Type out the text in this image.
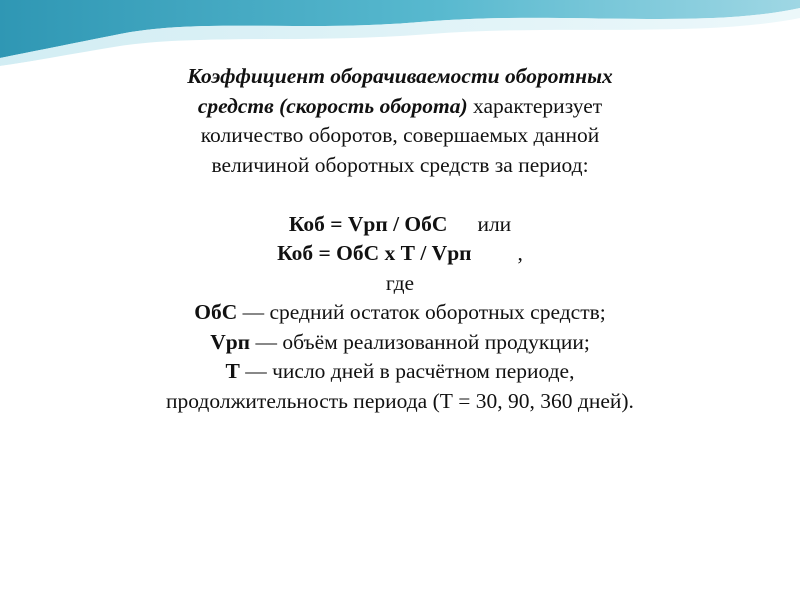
Коэффициент оборачиваемости оборотных

средств (скорость оборота) характеризует

количество оборотов, совершаемых данной

величиной оборотных средств за период:

Коб = Vрп / ОбС или

Коб = ОбС х Т / Vрп ,

где

ОбС — средний остаток оборотных средств;

Vрп — объём реализованной продукции;

Т — число дней в расчётном периоде,

продолжительность периода (Т = 30, 90, 360 дней).
